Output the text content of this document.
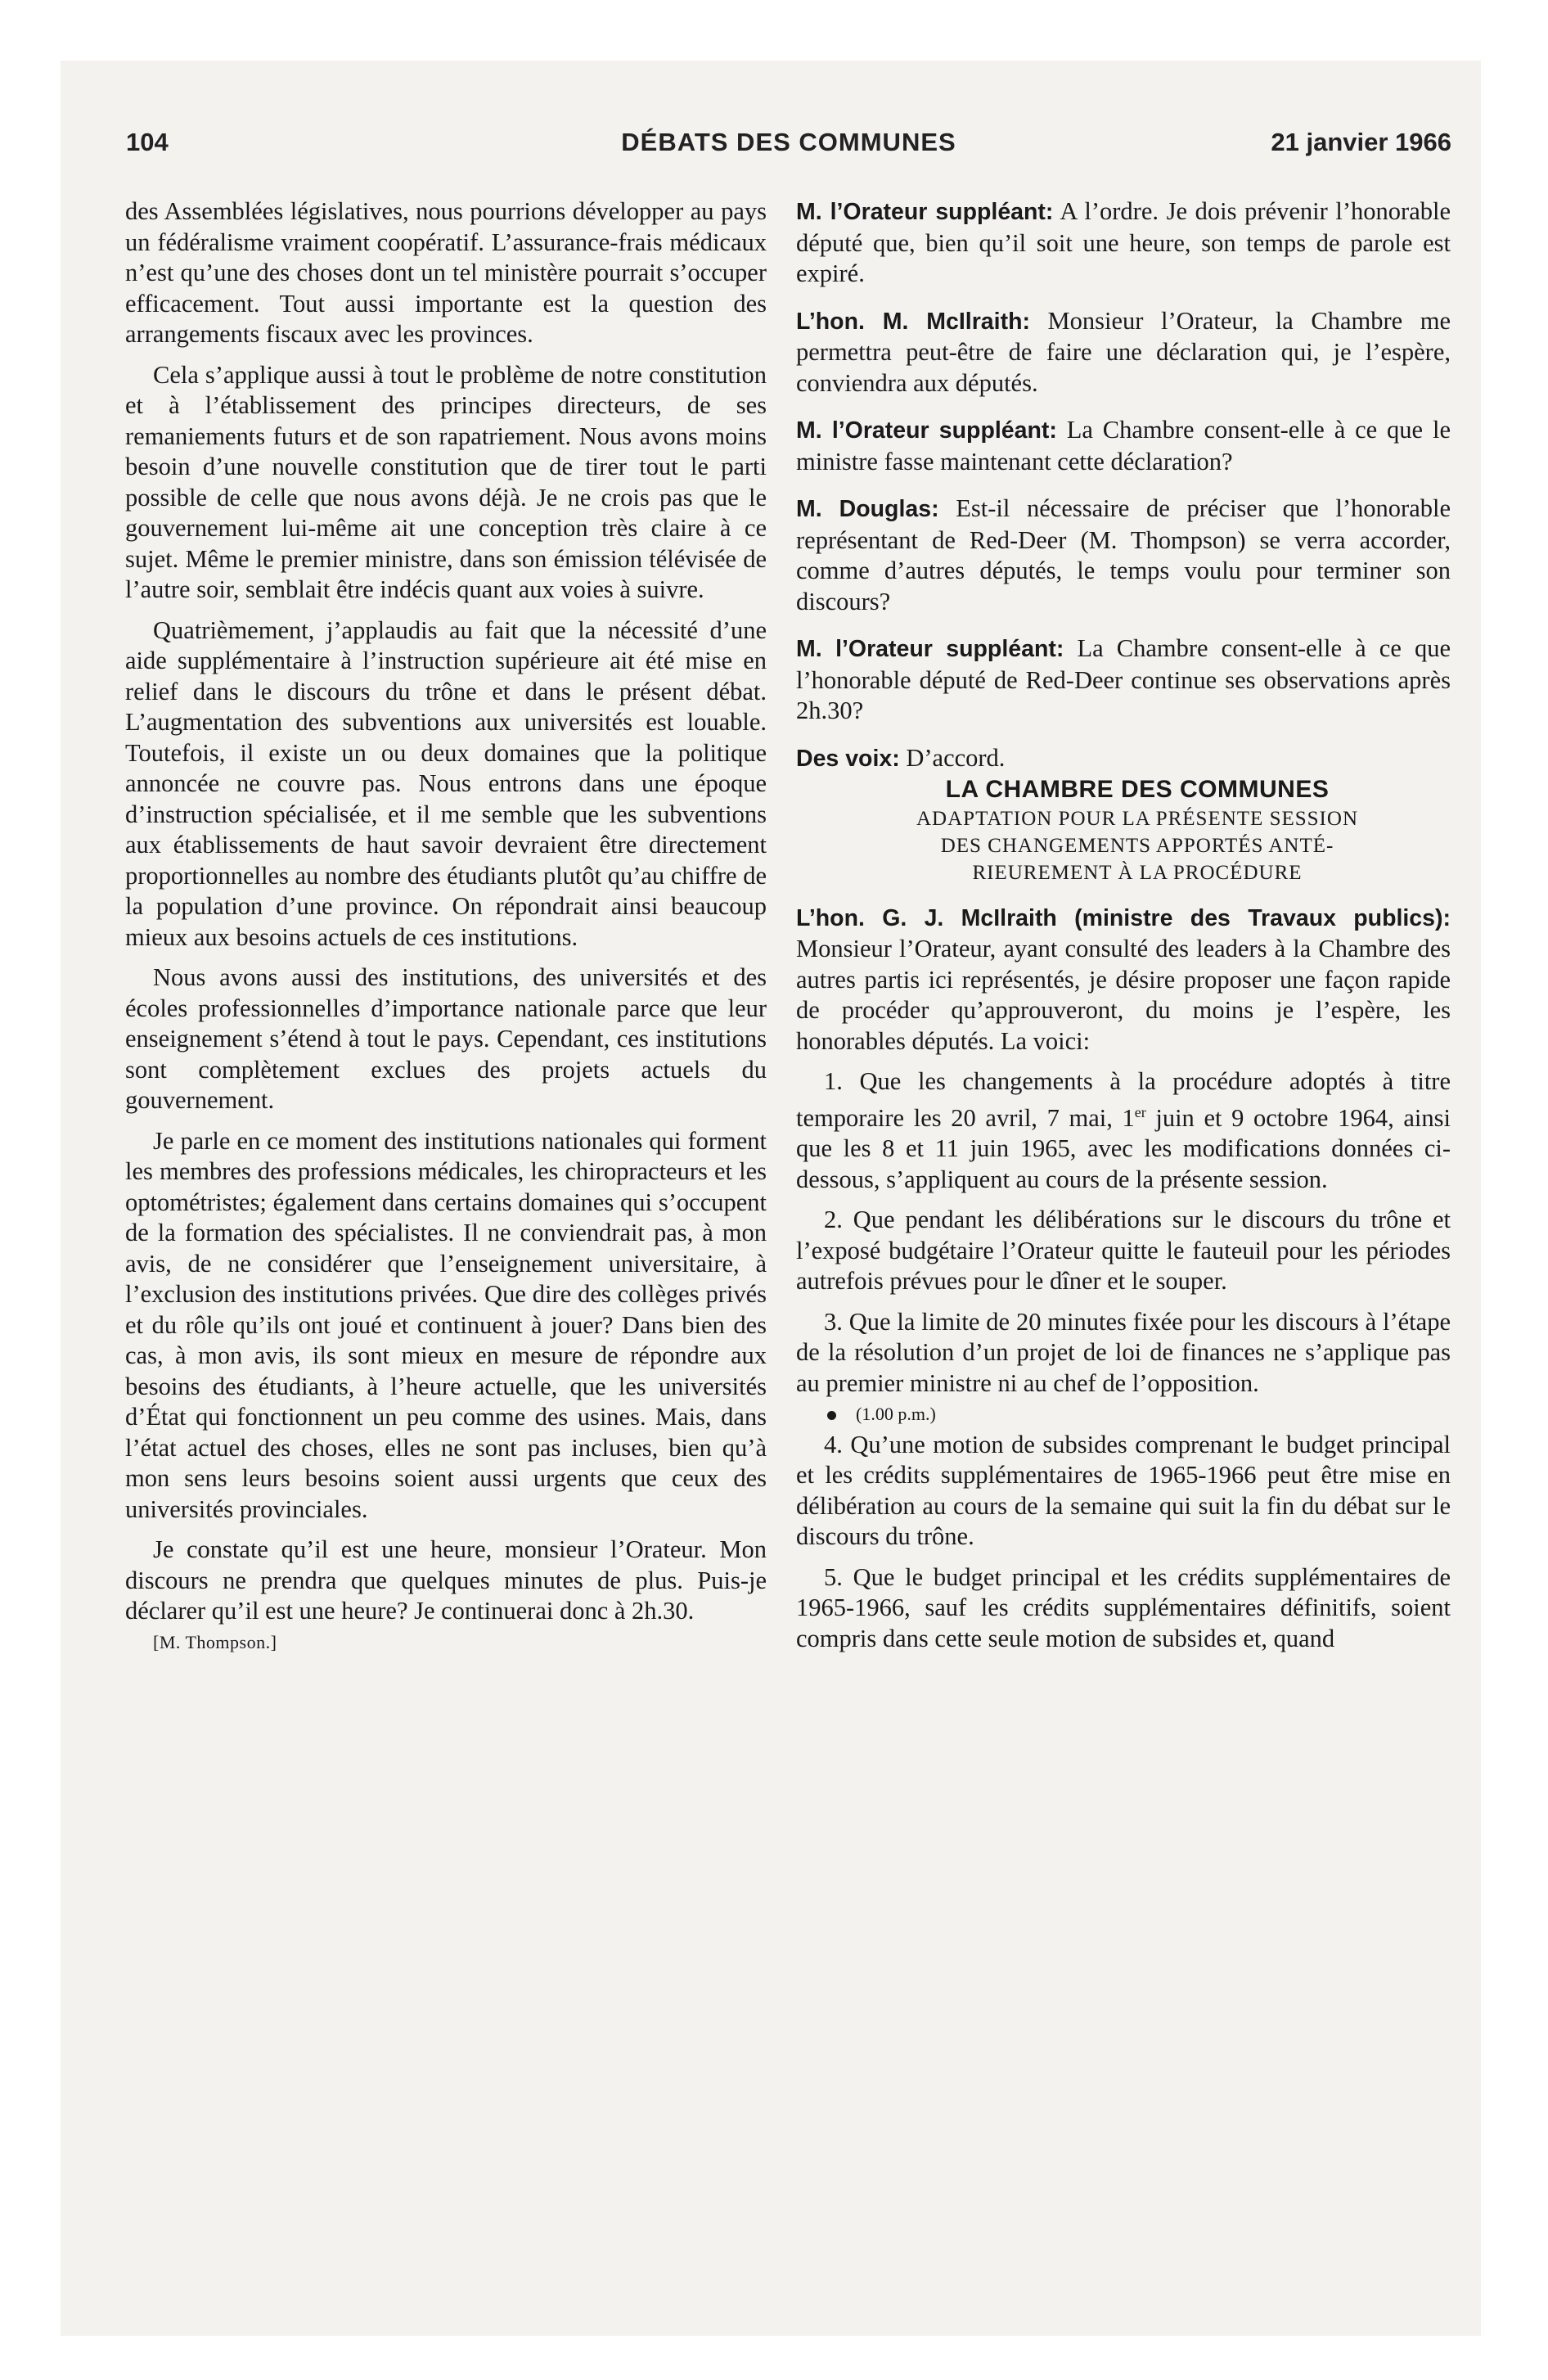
104	DÉBATS DES COMMUNES	21 janvier 1966

des Assemblées législatives, nous pourrions développer au pays un fédéralisme vraiment coopératif. L’assurance-frais médicaux n’est qu’une des choses dont un tel ministère pourrait s’occuper efficacement. Tout aussi importante est la question des arrangements fiscaux avec les provinces.

Cela s’applique aussi à tout le problème de notre constitution et à l’établissement des principes directeurs, de ses remaniements futurs et de son rapatriement. Nous avons moins besoin d’une nouvelle constitution que de tirer tout le parti possible de celle que nous avons déjà. Je ne crois pas que le gouvernement lui-même ait une conception très claire à ce sujet. Même le premier ministre, dans son émission télévisée de l’autre soir, semblait être indécis quant aux voies à suivre.

Quatrièmement, j’applaudis au fait que la nécessité d’une aide supplémentaire à l’instruction supérieure ait été mise en relief dans le discours du trône et dans le présent débat. L’augmentation des subventions aux universités est louable. Toutefois, il existe un ou deux domaines que la politique annoncée ne couvre pas. Nous entrons dans une époque d’instruction spécialisée, et il me semble que les subventions aux établissements de haut savoir devraient être directement proportionnelles au nombre des étudiants plutôt qu’au chiffre de la population d’une province. On répondrait ainsi beaucoup mieux aux besoins actuels de ces institutions.

Nous avons aussi des institutions, des universités et des écoles professionnelles d’importance nationale parce que leur enseignement s’étend à tout le pays. Cependant, ces institutions sont complètement exclues des projets actuels du gouvernement.

Je parle en ce moment des institutions nationales qui forment les membres des professions médicales, les chiropracteurs et les optométristes; également dans certains domaines qui s’occupent de la formation des spécialistes. Il ne conviendrait pas, à mon avis, de ne considérer que l’enseignement universitaire, à l’exclusion des institutions privées. Que dire des collèges privés et du rôle qu’ils ont joué et continuent à jouer? Dans bien des cas, à mon avis, ils sont mieux en mesure de répondre aux besoins des étudiants, à l’heure actuelle, que les universités d’État qui fonctionnent un peu comme des usines. Mais, dans l’état actuel des choses, elles ne sont pas incluses, bien qu’à mon sens leurs besoins soient aussi urgents que ceux des universités provinciales.

Je constate qu’il est une heure, monsieur l’Orateur. Mon discours ne prendra que quelques minutes de plus. Puis-je déclarer qu’il est une heure? Je continuerai donc à 2h.30.

[M. Thompson.]

M. l’Orateur suppléant: A l’ordre. Je dois prévenir l’honorable député que, bien qu’il soit une heure, son temps de parole est expiré.

L’hon. M. McIlraith: Monsieur l’Orateur, la Chambre me permettra peut-être de faire une déclaration qui, je l’espère, conviendra aux députés.

M. l’Orateur suppléant: La Chambre consent-elle à ce que le ministre fasse maintenant cette déclaration?

M. Douglas: Est-il nécessaire de préciser que l’honorable représentant de Red-Deer (M. Thompson) se verra accorder, comme d’autres députés, le temps voulu pour terminer son discours?

M. l’Orateur suppléant: La Chambre consent-elle à ce que l’honorable député de Red-Deer continue ses observations après 2h.30?

Des voix: D’accord.

LA CHAMBRE DES COMMUNES

ADAPTATION POUR LA PRÉSENTE SESSION

DES CHANGEMENTS APPORTÉS ANTÉ-

RIEUREMENT À LA PROCÉDURE

L’hon. G. J. McIlraith (ministre des Travaux publics): Monsieur l’Orateur, ayant consulté des leaders à la Chambre des autres partis ici représentés, je désire proposer une façon rapide de procéder qu’approuveront, du moins je l’espère, les honorables députés. La voici:

1. Que les changements à la procédure adoptés à titre temporaire les 20 avril, 7 mai, 1er juin et 9 octobre 1964, ainsi que les 8 et 11 juin 1965, avec les modifications données ci-dessous, s’appliquent au cours de la présente session.

2. Que pendant les délibérations sur le discours du trône et l’exposé budgétaire l’Orateur quitte le fauteuil pour les périodes autrefois prévues pour le dîner et le souper.

3. Que la limite de 20 minutes fixée pour les discours à l’étape de la résolution d’un projet de loi de finances ne s’applique pas au premier ministre ni au chef de l’opposition.

(1.00 p.m.)

4. Qu’une motion de subsides comprenant le budget principal et les crédits supplémentaires de 1965-1966 peut être mise en délibération au cours de la semaine qui suit la fin du débat sur le discours du trône.

5. Que le budget principal et les crédits supplémentaires de 1965-1966, sauf les crédits supplémentaires définitifs, soient compris dans cette seule motion de subsides et, quand
